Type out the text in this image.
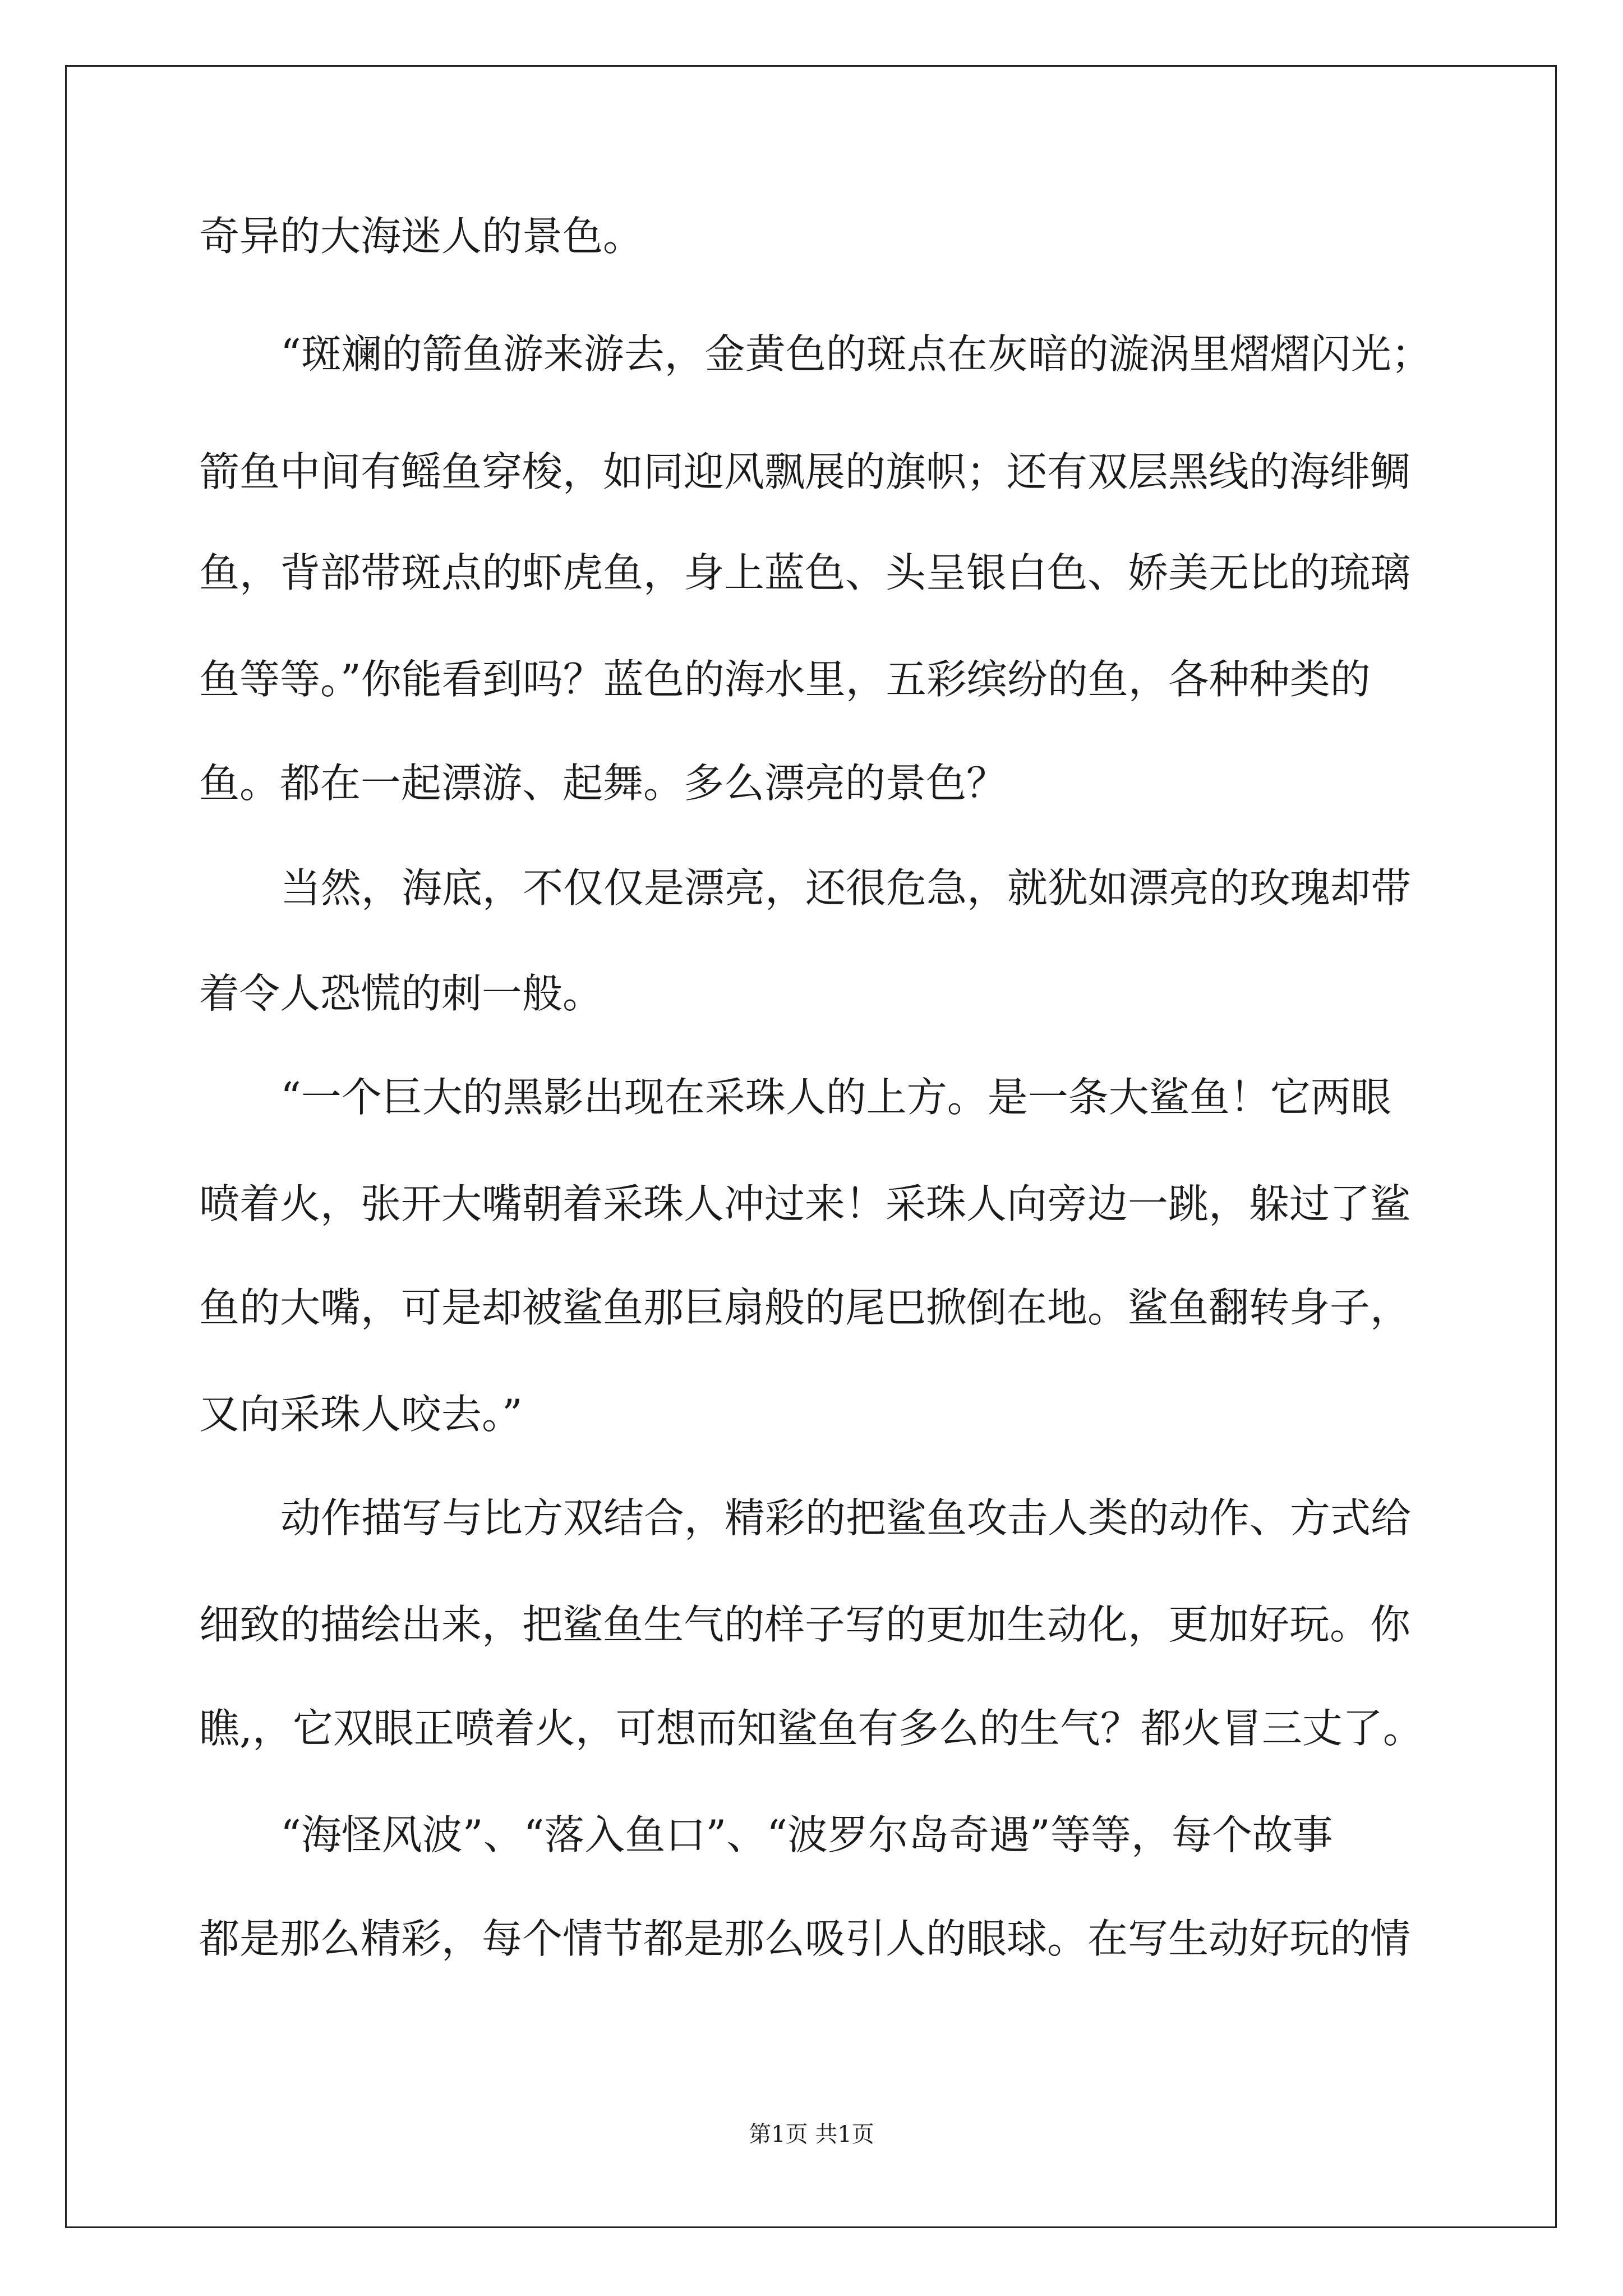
奇异的大海迷人的景色。
“斑斓的箭鱼游来游去，金黄色的斑点在灰暗的漩涡里熠熠闪光；
箭鱼中间有鳐鱼穿梭，如同迎风飘展的旗帜；还有双层黑线的海绯鲷
鱼，背部带斑点的虾虎鱼，身上蓝色、头呈银白色、娇美无比的琉璃
鱼等等。”你能看到吗？蓝色的海水里，五彩缤纷的鱼，各种种类的
鱼。都在一起漂游、起舞。多么漂亮的景色？
当然，海底，不仅仅是漂亮，还很危急，就犹如漂亮的玫瑰却带
着令人恐慌的刺一般。
“一个巨大的黑影出现在采珠人的上方。是一条大鲨鱼！它两眼
喷着火，张开大嘴朝着采珠人冲过来！采珠人向旁边一跳，躲过了鲨
鱼的大嘴，可是却被鲨鱼那巨扇般的尾巴掀倒在地。鲨鱼翻转身子，
又向采珠人咬去。”
动作描写与比方双结合，精彩的把鲨鱼攻击人类的动作、方式给
细致的描绘出来，把鲨鱼生气的样子写的更加生动化，更加好玩。你
瞧,，它双眼正喷着火，可想而知鲨鱼有多么的生气？都火冒三丈了。
“海怪风波”、“落入鱼口”、“波罗尔岛奇遇”等等，每个故事
都是那么精彩，每个情节都是那么吸引人的眼球。在写生动好玩的情
第1页 共1页
